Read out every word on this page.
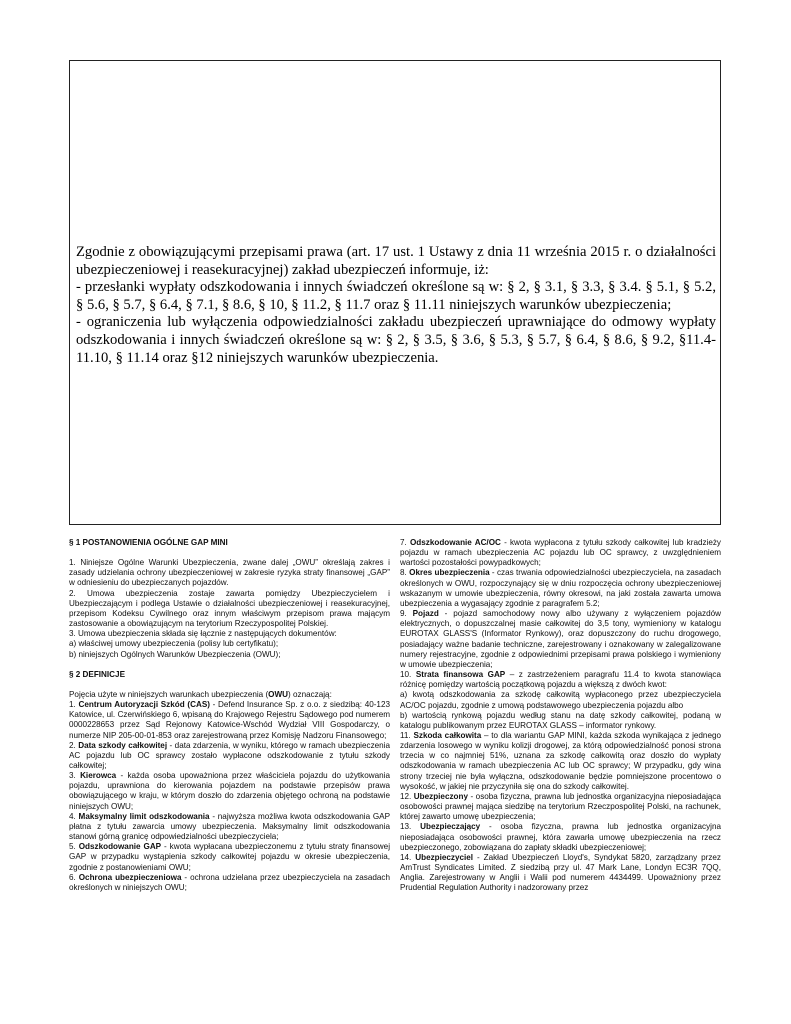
Zgodnie z obowiązującymi przepisami prawa (art. 17 ust. 1 Ustawy z dnia 11 września 2015 r. o działalności ubezpieczeniowej i reasekuracyjnej) zakład ubezpieczeń informuje, iż:

- przesłanki wypłaty odszkodowania i innych świadczeń określone są w: § 2, § 3.1, § 3.3, § 3.4. § 5.1, § 5.2, § 5.6, § 5.7, § 6.4, § 7.1, § 8.6, § 10, § 11.2, § 11.7 oraz § 11.11 niniejszych warunków ubezpieczenia;

- ograniczenia lub wyłączenia odpowiedzialności zakładu ubezpieczeń uprawniające do odmowy wypłaty odszkodowania i innych świadczeń określone są w: § 2, § 3.5, § 3.6, § 5.3, § 5.7, § 6.4, § 8.6, § 9.2, §11.4-11.10, § 11.14 oraz §12 niniejszych warunków ubezpieczenia.

§ 1 POSTANOWIENIA OGÓLNE GAP MINI

1. Niniejsze Ogólne Warunki Ubezpieczenia, zwane dalej „OWU” określają zakres i zasady udzielania ochrony ubezpieczeniowej w zakresie ryzyka straty finansowej „GAP” w odniesieniu do ubezpieczanych pojazdów.

2. Umowa ubezpieczenia zostaje zawarta pomiędzy Ubezpieczycielem i Ubezpieczającym i podlega Ustawie o działalności ubezpieczeniowej i reasekuracyjnej, przepisom Kodeksu Cywilnego oraz innym właściwym przepisom prawa mającym zastosowanie a obowiązującym na terytorium Rzeczypospolitej Polskiej.

3. Umowa ubezpieczenia składa się łącznie z następujących dokumentów:

a) właściwej umowy ubezpieczenia (polisy lub certyfikatu);

b) niniejszych Ogólnych Warunków Ubezpieczenia (OWU);

§ 2 DEFINICJE

Pojęcia użyte w niniejszych warunkach ubezpieczenia (OWU) oznaczają:

1. Centrum Autoryzacji Szkód (CAS) - Defend Insurance Sp. z o.o. z siedzibą: 40-123 Katowice, ul. Czerwińskiego 6, wpisaną do Krajowego Rejestru Sądowego pod numerem 0000228653 przez Sąd Rejonowy Katowice-Wschód Wydział VIII Gospodarczy, o numerze NIP 205-00-01-853 oraz zarejestrowaną przez Komisję Nadzoru Finansowego;

2. Data szkody całkowitej - data zdarzenia, w wyniku, którego w ramach ubezpieczenia AC pojazdu lub OC sprawcy zostało wypłacone odszkodowanie z tytułu szkody całkowitej;

3. Kierowca - każda osoba upoważniona przez właściciela pojazdu do użytkowania pojazdu, uprawniona do kierowania pojazdem na podstawie przepisów prawa obowiązującego w kraju, w którym doszło do zdarzenia objętego ochroną na podstawie niniejszych OWU;

4. Maksymalny limit odszkodowania - najwyższa możliwa kwota odszkodowania GAP płatna z tytułu zawarcia umowy ubezpieczenia. Maksymalny limit odszkodowania stanowi górną granicę odpowiedzialności ubezpieczyciela;

5. Odszkodowanie GAP - kwota wypłacana ubezpieczonemu z tytułu straty finansowej GAP w przypadku wystąpienia szkody całkowitej pojazdu w okresie ubezpieczenia, zgodnie z postanowieniami OWU;

6. Ochrona ubezpieczeniowa - ochrona udzielana przez ubezpieczyciela na zasadach określonych w niniejszych OWU;

7. Odszkodowanie AC/OC - kwota wypłacona z tytułu szkody całkowitej lub kradzieży pojazdu w ramach ubezpieczenia AC pojazdu lub OC sprawcy, z uwzględnieniem wartości pozostałości powypadkowych;

8. Okres ubezpieczenia - czas trwania odpowiedzialności ubezpieczyciela, na zasadach określonych w OWU, rozpoczynający się w dniu rozpoczęcia ochrony ubezpieczeniowej wskazanym w umowie ubezpieczenia, równy okresowi, na jaki została zawarta umowa ubezpieczenia a wygasający zgodnie z paragrafem 5.2;

9. Pojazd - pojazd samochodowy nowy albo używany z wyłączeniem pojazdów elektrycznych, o dopuszczalnej masie całkowitej do 3,5 tony, wymieniony w katalogu EUROTAX GLASS'S (Informator Rynkowy), oraz dopuszczony do ruchu drogowego, posiadający ważne badanie techniczne, zarejestrowany i oznakowany w zalegalizowane numery rejestracyjne, zgodnie z odpowiednimi przepisami prawa polskiego i wymieniony w umowie ubezpieczenia;

10. Strata finansowa GAP – z zastrzeżeniem paragrafu 11.4 to kwota stanowiąca różnicę pomiędzy wartością początkową pojazdu a większą z dwóch kwot:

a) kwotą odszkodowania za szkodę całkowitą wypłaconego przez ubezpieczyciela AC/OC pojazdu, zgodnie z umową podstawowego ubezpieczenia pojazdu albo

b) wartością rynkową pojazdu według stanu na datę szkody całkowitej, podaną w katalogu publikowanym przez EUROTAX GLASS – informator rynkowy.

11. Szkoda całkowita – to dla wariantu GAP MINI, każda szkoda wynikająca z jednego zdarzenia losowego w wyniku kolizji drogowej, za którą odpowiedzialność ponosi strona trzecia w co najmniej 51%, uznana za szkodę całkowitą oraz doszło do wypłaty odszkodowania w ramach ubezpieczenia AC lub OC sprawcy; W przypadku, gdy wina strony trzeciej nie była wyłączna, odszkodowanie będzie pomniejszone procentowo o wysokość, w jakiej nie przyczyniła się ona do szkody całkowitej.

12. Ubezpieczony - osoba fizyczna, prawna lub jednostka organizacyjna nieposiadająca osobowości prawnej mająca siedzibę na terytorium Rzeczpospolitej Polski, na rachunek, której zawarto umowę ubezpieczenia;

13. Ubezpieczający - osoba fizyczna, prawna lub jednostka organizacyjna nieposiadająca osobowości prawnej, która zawarła umowę ubezpieczenia na rzecz ubezpieczonego, zobowiązana do zapłaty składki ubezpieczeniowej;

14. Ubezpieczyciel - Zakład Ubezpieczeń Lloyd's, Syndykat 5820, zarządzany przez AmTrust Syndicates Limited. Z siedzibą przy ul. 47 Mark Lane, Londyn EC3R 7QQ, Anglia. Zarejestrowany w Anglii i Walii pod numerem 4434499. Upoważniony przez Prudential Regulation Authority i nadzorowany przez
